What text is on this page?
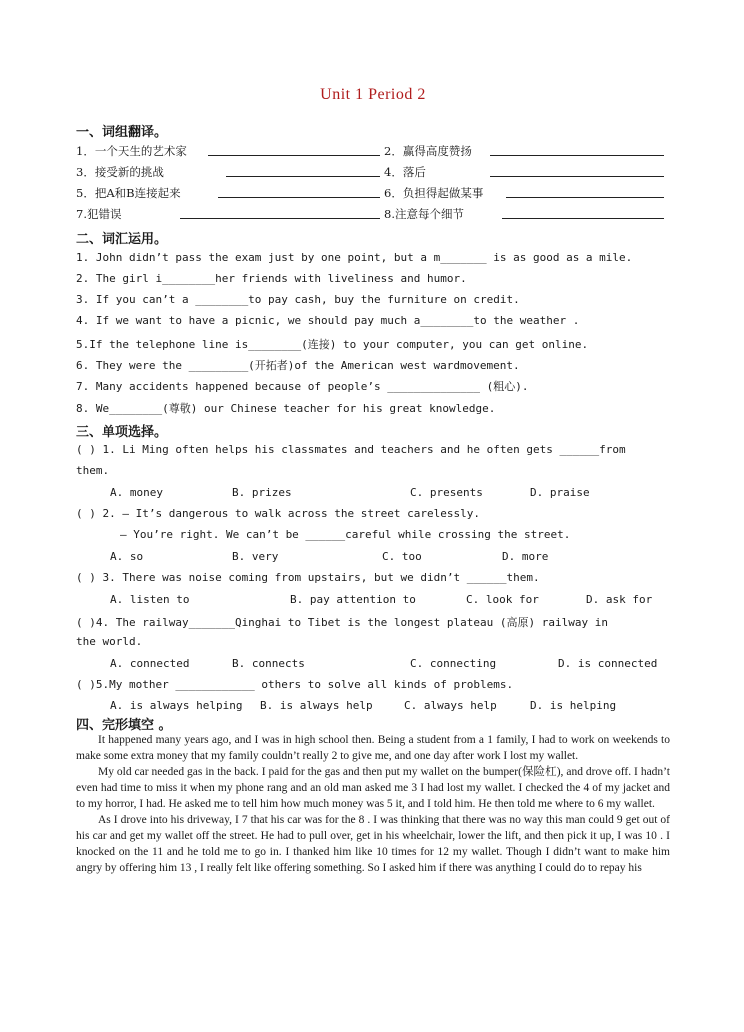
Unit 1 Period 2
一、词组翻译。
1．一个天生的艺术家	2．赢得高度赞扬
3．接受新的挑战	4．落后
5．把A和B连接起来	6．负担得起做某事
7.犯错误	8.注意每个细节
二、词汇运用。
1. John didn’t pass the exam just by one point, but a m_______ is as good as a mile.
2. The girl i________her friends with liveliness and humor.
3. If you can’t a ________to pay cash, buy the furniture on credit.
4. If we want to have a picnic, we should pay much a________to the weather .
5.If the telephone line is________(连接) to your computer, you can get online.
6. They were the _________(开拓者)of the American west wardmovement.
7. Many accidents happened because of people’s ______________ (粗心).
8. We________(尊敬) our Chinese teacher for his great knowledge.
三、单项选择。
( ) 1. Li Ming often helps his classmates and teachers and he often gets ______from
them.
A. money	B. prizes	C. presents	D. praise
( ) 2. — It’s dangerous to walk across the street carelessly.
— You’re right. We can’t be ______careful while crossing the street.
A. so	B. very	C. too	D. more
( ) 3. There was noise coming from upstairs, but we didn’t ______them.
A. listen to	B. pay attention to	C. look for	D. ask for
( )4. The railway_______Qinghai to Tibet is the longest plateau (高原) railway in
the world.
A. connected	B. connects	C. connecting	D. is connected
( )5.My mother ____________ others to solve all kinds of problems.
A. is always helping B. is always help	C. always help	D. is helping
四、完形填空 。

It happened many years ago, and I was in high school then. Being a student from a 1 family, I had to work on weekends to make some extra money that my family couldn’t really 2 to give me, and one day after work I lost my wallet.

My old car needed gas in the back. I paid for the gas and then put my wallet on the bumper(保险杠), and drove off. I hadn’t even had time to miss it when my phone rang and an old man asked me 3 I had lost my wallet. I checked the 4 of my jacket and to my horror, I had. He asked me to tell him how much money was 5 it, and I told him. He then told me where to 6 my wallet.

As I drove into his driveway, I 7 that his car was for the 8 . I was thinking that there was no way this man could 9 get out of his car and get my wallet off the street. He had to pull over, get in his wheelchair, lower the lift, and then pick it up, I was 10 . I knocked on the 11 and he told me to go in. I thanked him like 10 times for 12 my wallet. Though I didn’t want to make him angry by offering him 13 , I really felt like offering something. So I asked him if there was anything I could do to repay his
